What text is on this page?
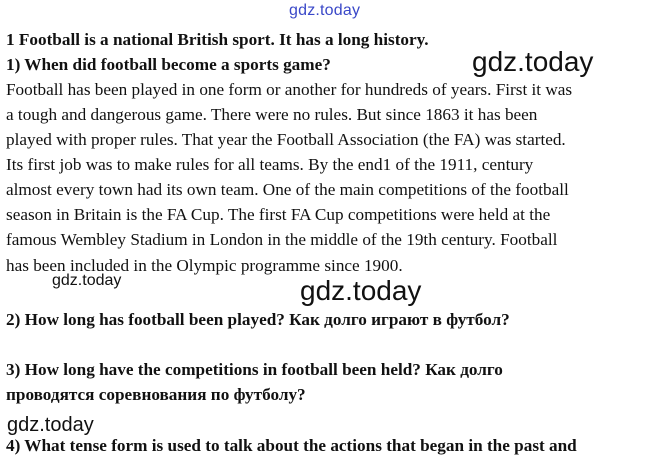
gdz.today
1 Football is a national British sport. It has a long history.
1) When did football become a sports game?	gdz.today
Football has been played in one form or another for hundreds of years. First it was
a tough and dangerous game. There were no rules. But since 1863 it has been
played with proper rules. That year the Football Association (the FA) was started.
Its first job was to make rules for all teams. By the end1 of the 1911, century
almost every town had its own team. One of the main competitions of the football
season in Britain is the FA Cup. The first FA Cup competitions were held at the
famous Wembley Stadium in London in the middle of the 19th century. Football
has been included in the Olympic programme since 1900.
gdz.today	gdz.today
2) How long has football been played? Как долго играют в футбол?
3) How long have the competitions in football been held? Как долго
проводятся соревнования по футболу?
gdz.today
4) What tense form is used to talk about the actions that began in the past and
